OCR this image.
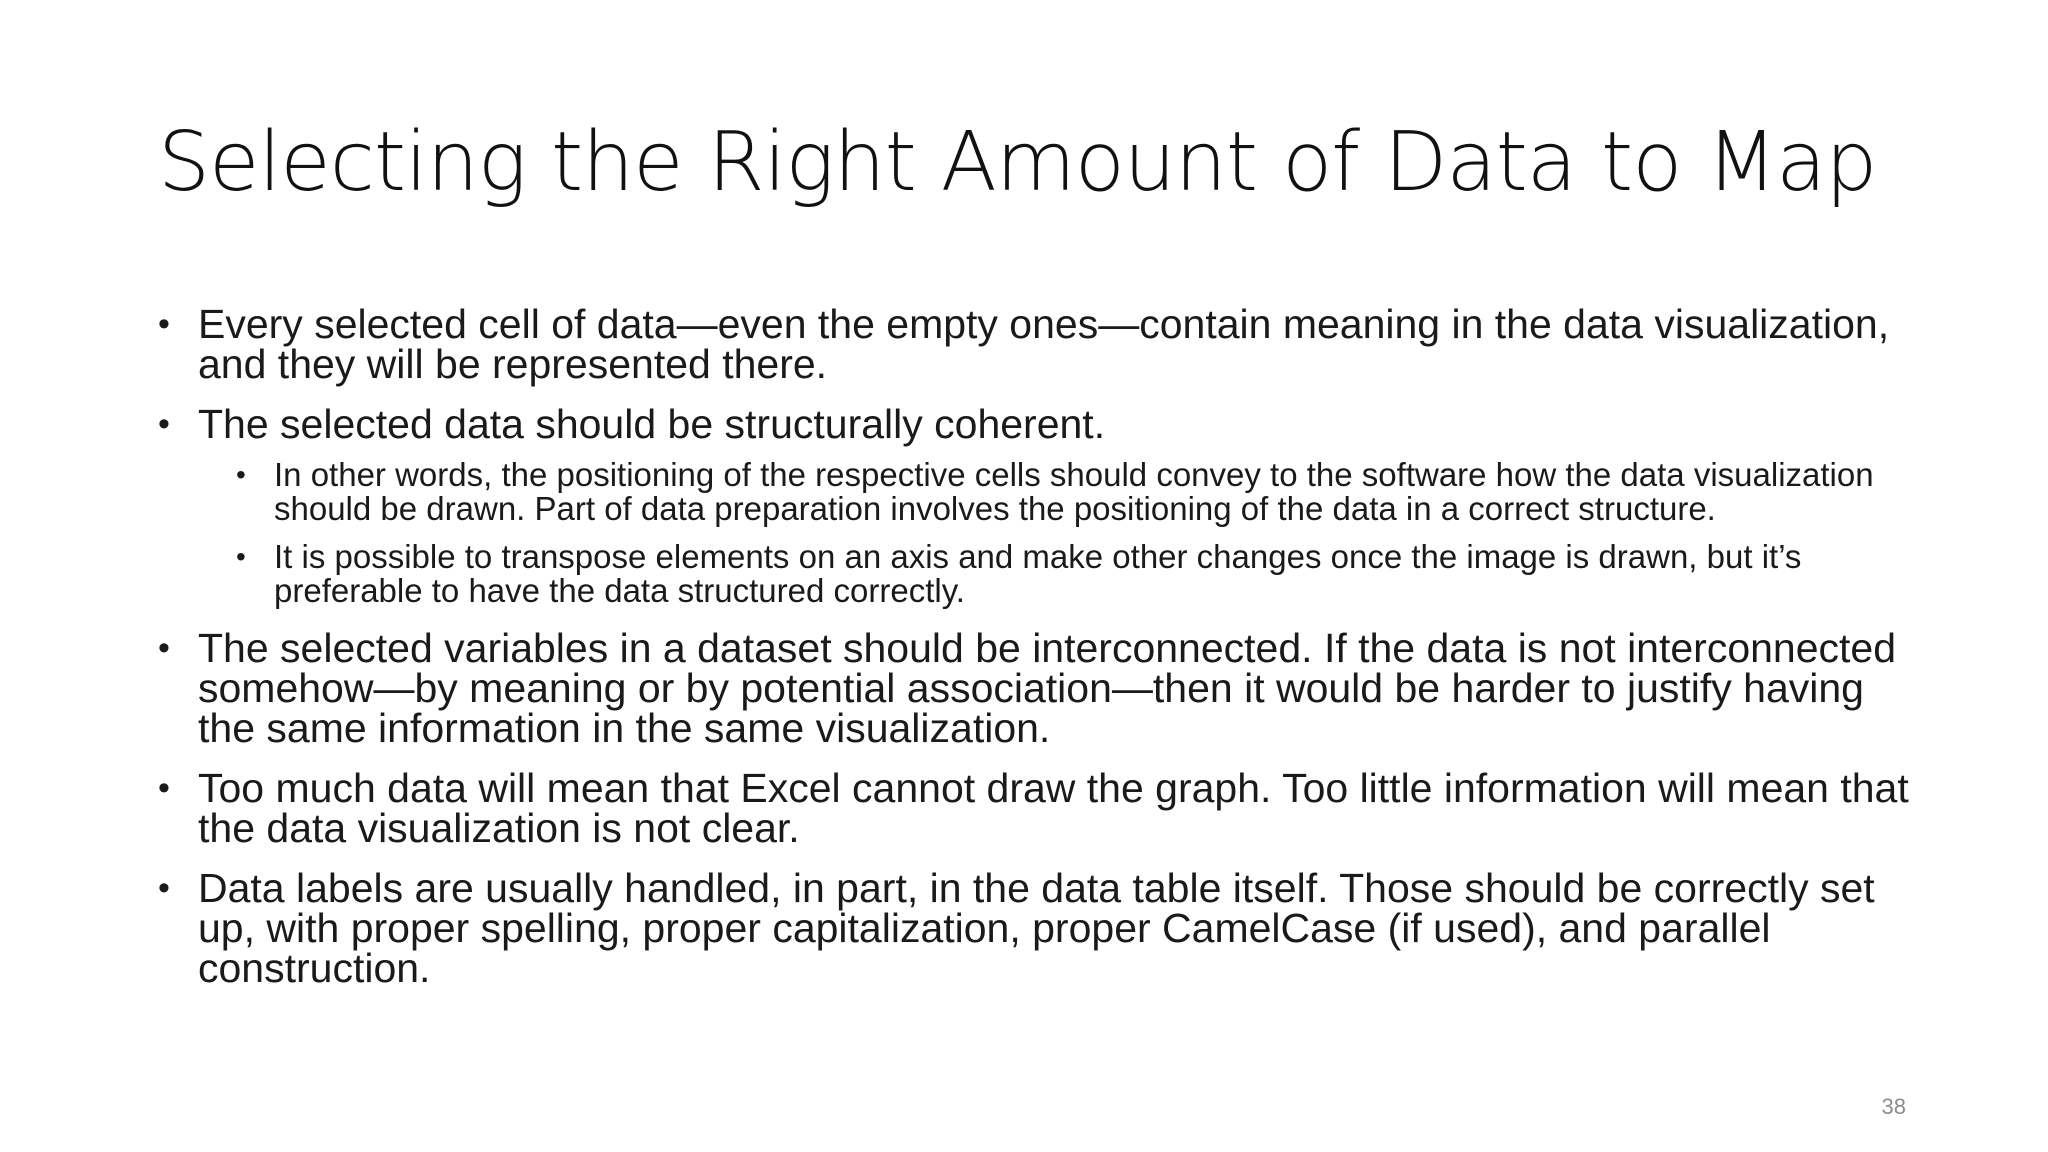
Selecting the Right Amount of Data to Map
• Every selected cell of data—even the empty ones—contain meaning in the data visualization, and they will be represented there.
• The selected data should be structurally coherent.
• In other words, the positioning of the respective cells should convey to the software how the data visualization should be drawn. Part of data preparation involves the positioning of the data in a correct structure.
• It is possible to transpose elements on an axis and make other changes once the image is drawn, but it’s preferable to have the data structured correctly.
• The selected variables in a dataset should be interconnected. If the data is not interconnected somehow—by meaning or by potential association—then it would be harder to justify having the same information in the same visualization.
• Too much data will mean that Excel cannot draw the graph. Too little information will mean that the data visualization is not clear.
• Data labels are usually handled, in part, in the data table itself. Those should be correctly set up, with proper spelling, proper capitalization, proper CamelCase (if used), and parallel construction.
38
